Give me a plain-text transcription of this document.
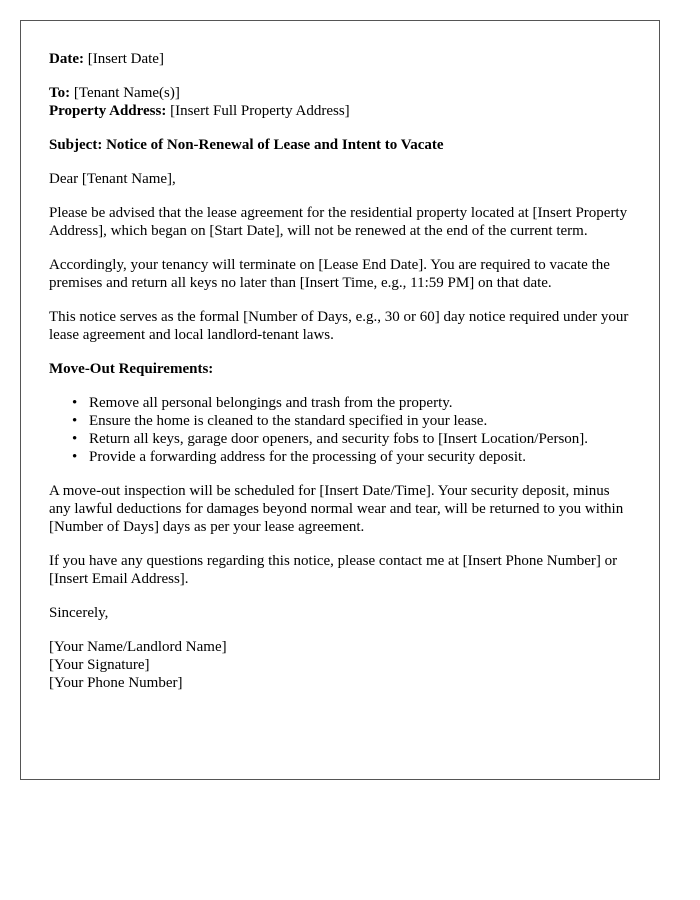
Date: [Insert Date]
To: [Tenant Name(s)]
Property Address: [Insert Full Property Address]
Subject: Notice of Non-Renewal of Lease and Intent to Vacate
Dear [Tenant Name],
Please be advised that the lease agreement for the residential property located at [Insert Property Address], which began on [Start Date], will not be renewed at the end of the current term.
Accordingly, your tenancy will terminate on [Lease End Date]. You are required to vacate the premises and return all keys no later than [Insert Time, e.g., 11:59 PM] on that date.
This notice serves as the formal [Number of Days, e.g., 30 or 60] day notice required under your lease agreement and local landlord-tenant laws.
Move-Out Requirements:
• Remove all personal belongings and trash from the property.
• Ensure the home is cleaned to the standard specified in your lease.
• Return all keys, garage door openers, and security fobs to [Insert Location/Person].
• Provide a forwarding address for the processing of your security deposit.
A move-out inspection will be scheduled for [Insert Date/Time]. Your security deposit, minus any lawful deductions for damages beyond normal wear and tear, will be returned to you within [Number of Days] days as per your lease agreement.
If you have any questions regarding this notice, please contact me at [Insert Phone Number] or [Insert Email Address].
Sincerely,
[Your Name/Landlord Name]
[Your Signature]
[Your Phone Number]
